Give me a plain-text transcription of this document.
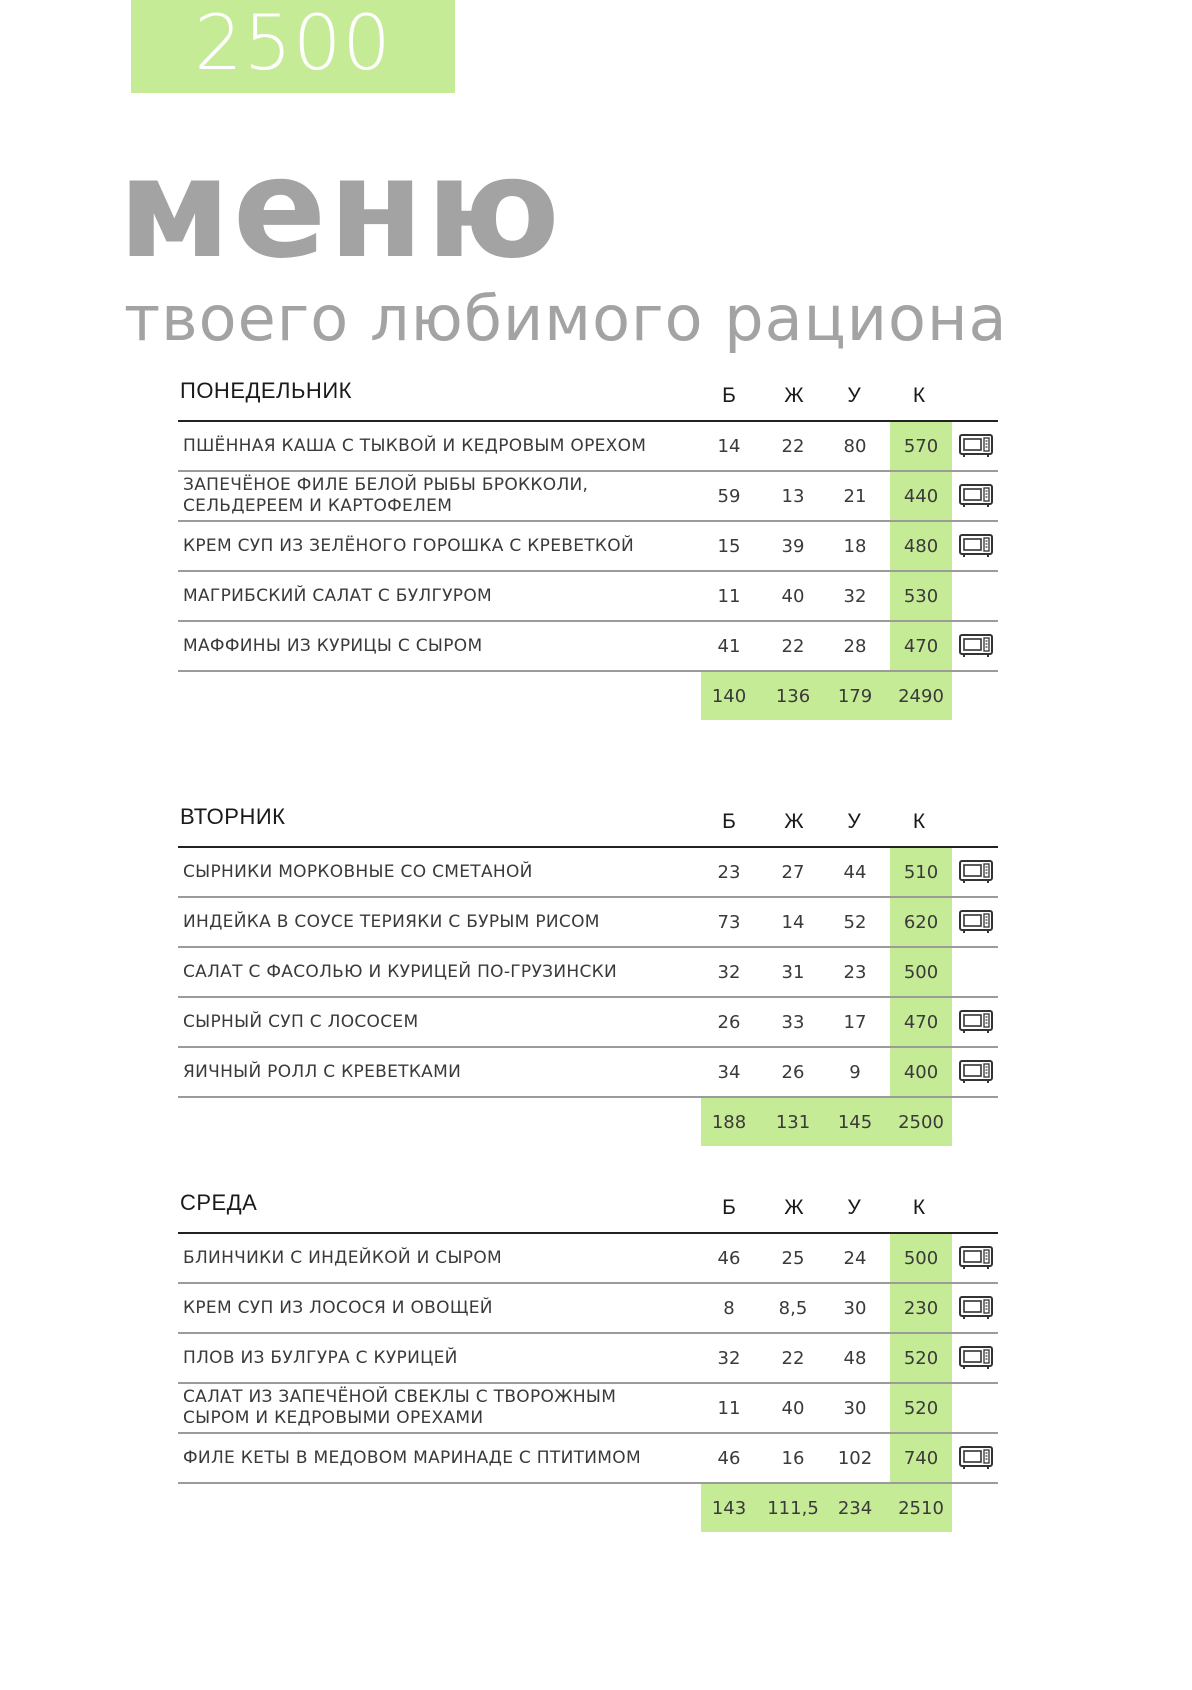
2500
меню
твоего любимого рациона
ПОНЕДЕЛЬНИК	Б	Ж	У	К
ПШЁННАЯ КАША С ТЫКВОЙ И КЕДРОВЫМ ОРЕХОМ	14	22	80	570
ЗАПЕЧЁНОЕ ФИЛЕ БЕЛОЙ РЫБЫ БРОККОЛИ, СЕЛЬДЕРЕЕМ И КАРТОФЕЛЕМ	59	13	21	440
КРЕМ СУП ИЗ ЗЕЛЁНОГО ГОРОШКА С КРЕВЕТКОЙ	15	39	18	480
МАГРИБСКИЙ САЛАТ С БУЛГУРОМ	11	40	32	530
МАФФИНЫ ИЗ КУРИЦЫ С СЫРОМ	41	22	28	470
140	136	179	2490
ВТОРНИК	Б	Ж	У	К
СЫРНИКИ МОРКОВНЫЕ СО СМЕТАНОЙ	23	27	44	510
ИНДЕЙКА В СОУСЕ ТЕРИЯКИ С БУРЫМ РИСОМ	73	14	52	620
САЛАТ С ФАСОЛЬЮ И КУРИЦЕЙ ПО-ГРУЗИНСКИ	32	31	23	500
СЫРНЫЙ СУП С ЛОСОСЕМ	26	33	17	470
ЯИЧНЫЙ РОЛЛ С КРЕВЕТКАМИ	34	26	9	400
188	131	145	2500
СРЕДА	Б	Ж	У	К
БЛИНЧИКИ С ИНДЕЙКОЙ И СЫРОМ	46	25	24	500
КРЕМ СУП ИЗ ЛОСОСЯ И ОВОЩЕЙ	8	8,5	30	230
ПЛОВ ИЗ БУЛГУРА С КУРИЦЕЙ	32	22	48	520
САЛАТ ИЗ ЗАПЕЧЁНОЙ СВЕКЛЫ С ТВОРОЖНЫМ СЫРОМ И КЕДРОВЫМИ ОРЕХАМИ	11	40	30	520
ФИЛЕ КЕТЫ В МЕДОВОМ МАРИНАДЕ С ПТИТИМОМ	46	16	102	740
143	111,5	234	2510
